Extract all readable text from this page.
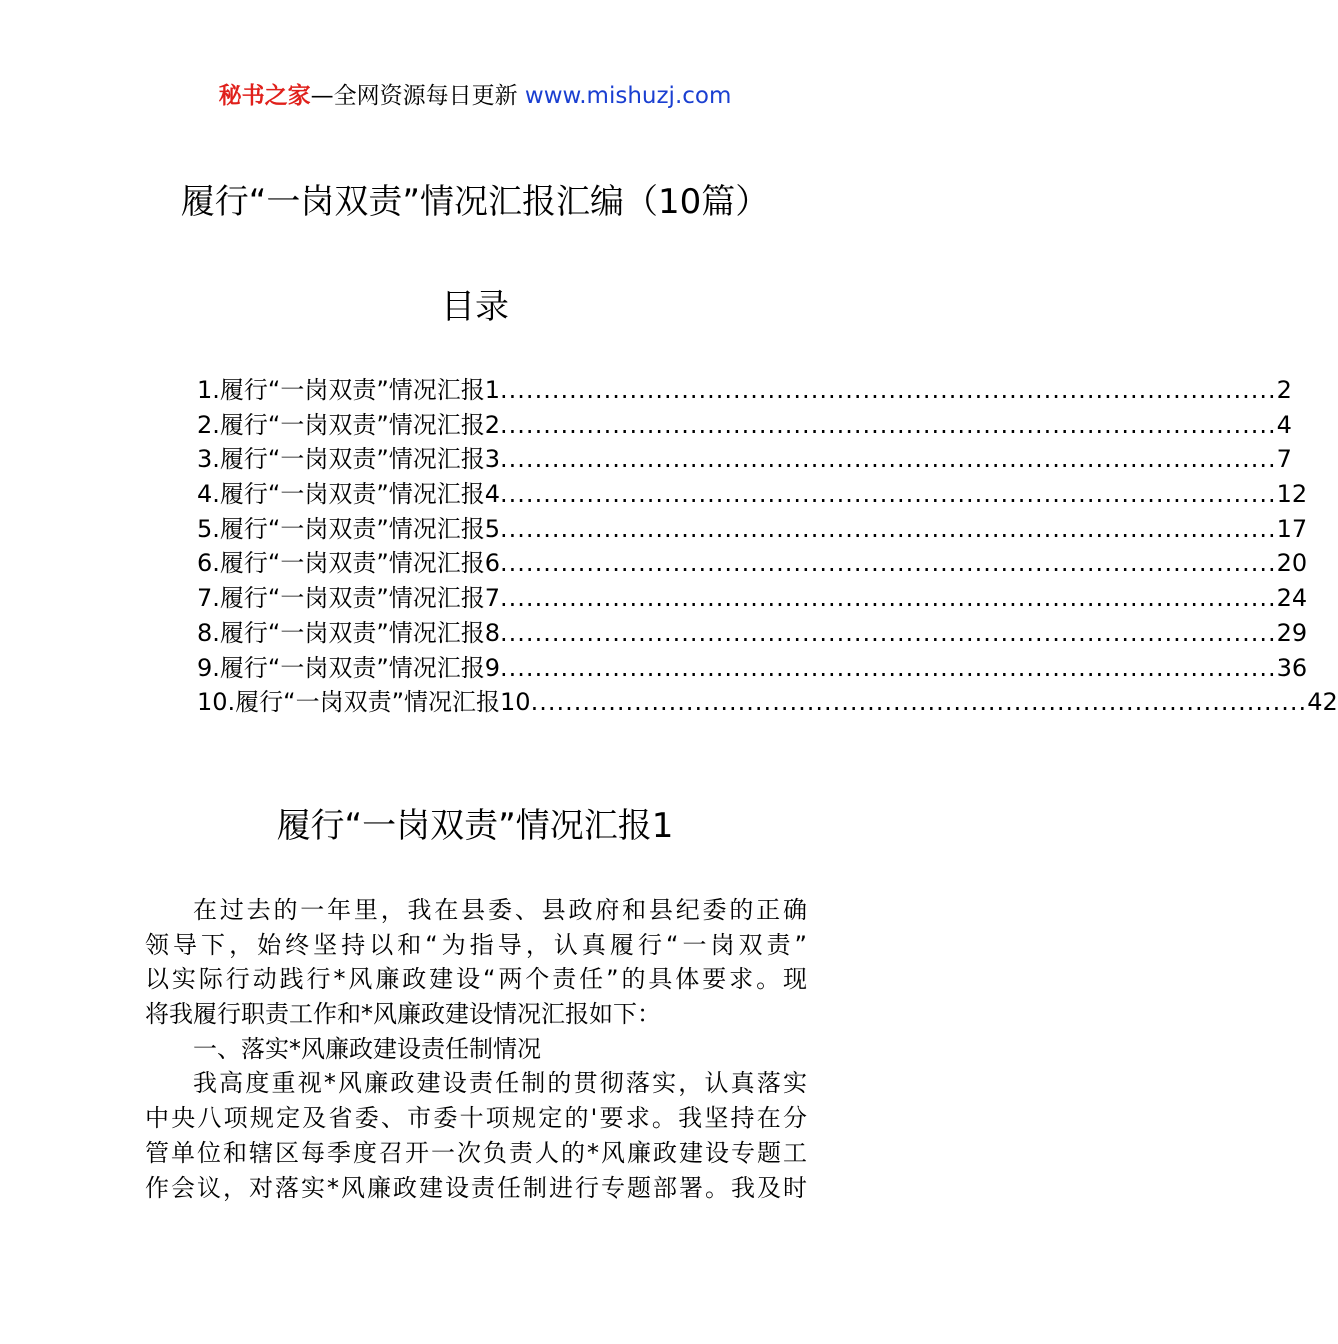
秘书之家—全网资源每日更新 www.mishuzj.com
履行“一岗双责”情况汇报汇编（10篇）
目录
1.履行“一岗双责”情况汇报1 .......................................................................................... 2
2.履行“一岗双责”情况汇报2 .......................................................................................... 4
3.履行“一岗双责”情况汇报3 .......................................................................................... 7
4.履行“一岗双责”情况汇报4 .......................................................................................... 12
5.履行“一岗双责”情况汇报5 .......................................................................................... 17
6.履行“一岗双责”情况汇报6 .......................................................................................... 20
7.履行“一岗双责”情况汇报7 .......................................................................................... 24
8.履行“一岗双责”情况汇报8 .......................................................................................... 29
9.履行“一岗双责”情况汇报9 .......................................................................................... 36
10.履行“一岗双责”情况汇报10 .......................................................................................... 42
履行“一岗双责”情况汇报1
在过去的一年里，我在县委、县政府和县纪委的正确
领导下，始终坚持以和“为指导，认真履行“一岗双责”
以实际行动践行*风廉政建设“两个责任”的具体要求。现
将我履行职责工作和*风廉政建设情况汇报如下：
一、落实*风廉政建设责任制情况
我高度重视*风廉政建设责任制的贯彻落实，认真落实
中央八项规定及省委、市委十项规定的'要求。我坚持在分
管单位和辖区每季度召开一次负责人的*风廉政建设专题工
作会议，对落实*风廉政建设责任制进行专题部署。我及时
